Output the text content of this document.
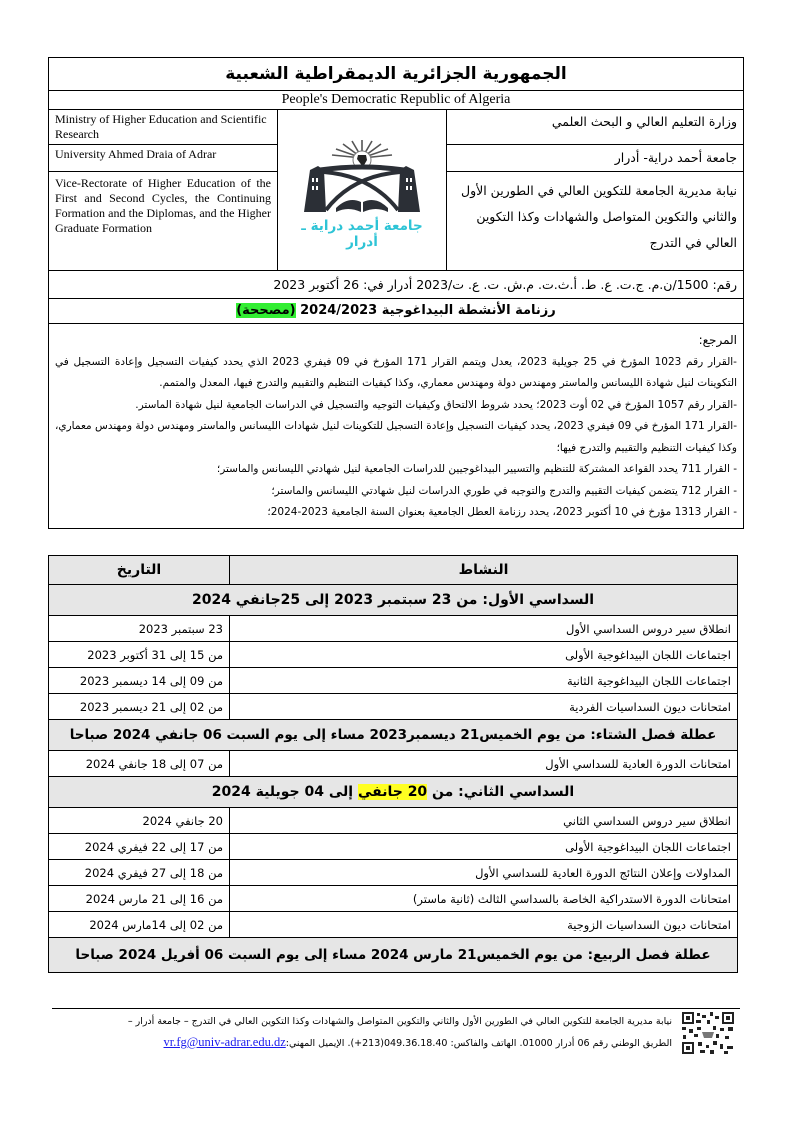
الجمهورية الجزائرية الديمقراطية الشعبية		
People's Democratic Republic of Algeria		
Ministry of Higher Education and Scientific Research	جامعة أحمد دراية ـ أدرار	وزارة التعليم العالي و البحث العلمي
University Ahmed Draia of Adrar		جامعة أحمد دراية- أدرار
Vice-Rectorate of Higher Education of the First and Second Cycles, the Continuing Formation and the Diplomas, and the Higher Graduate Formation		نيابة مديرية الجامعة للتكوين العالي في الطورين الأول والثاني والتكوين المتواصل والشهادات وكذا التكوين العالي في التدرج
رقم: 1500/ن.م. ج.ت. ع. ط. أ.ث.ت. م.ش. ت. ع. ت/2023 أدرار في: 26 أكتوبر 2023		
رزنامة الأنشطة البيداغوجية 2024/2023 (مصححة)		

المرجع:
-القرار رقم 1023 المؤرخ في 25 جويلية 2023، يعدل ويتمم القرار 171 المؤرخ في 09 فيفري 2023 الذي يحدد كيفيات التسجيل وإعادة التسجيل في التكوينات لنيل شهادة الليسانس والماستر ومهندس دولة ومهندس معماري، وكذا كيفيات التنظيم والتقييم والتدرج فيها، المعدل والمتمم.
-القرار رقم 1057 المؤرخ في 02 أوت 2023؛ يحدد شروط الالتحاق وكيفيات التوجيه والتسجيل في الدراسات الجامعية لنيل شهادة الماستر.
-القرار 171 المؤرخ في 09 فيفري 2023، يحدد كيفيات التسجيل وإعادة التسجيل للتكوينات لنيل شهادات الليسانس والماستر ومهندس دولة ومهندس معماري، وكذا كيفيات التنظيم والتقييم والتدرج فيها؛
- القرار 711 يحدد القواعد المشتركة للتنظيم والتسيير البيداغوجيين للدراسات الجامعية لنيل شهادتي الليسانس والماستر؛
- القرار 712 يتضمن كيفيات التقييم والتدرج والتوجيه في طوري الدراسات لنيل شهادتي الليسانس والماستر؛
- القرار 1313 مؤرخ في 10 أكتوبر 2023، يحدد رزنامة العطل الجامعية بعنوان السنة الجامعية 2023-2024؛
النشاط	التاريخ
السداسي الأول: من 23 سبتمبر 2023 إلى 25جانفي 2024	
انطلاق سير دروس السداسي الأول	23 سبتمبر 2023
اجتماعات اللجان البيداغوجية الأولى	من 15 إلى 31 أكتوبر 2023
اجتماعات اللجان البيداغوجية الثانية	من 09 إلى 14 ديسمبر 2023
امتحانات ديون السداسيات الفردية	من 02 إلى 21 ديسمبر 2023
عطلة فصل الشتاء: من يوم الخميس21 ديسمبر2023 مساء إلى يوم السبت 06 جانفي 2024 صباحا	
امتحانات الدورة العادية للسداسي الأول	من 07 إلى 18 جانفي 2024
السداسي الثاني: من 20 جانفي إلى 04 جويلية 2024	
انطلاق سير دروس السداسي الثاني	20 جانفي 2024
اجتماعات اللجان البيداغوجية الأولى	من 17 إلى 22 فيفري 2024
المداولات وإعلان النتائج الدورة العادية للسداسي الأول	من 18 إلى 27 فيفري 2024
امتحانات الدورة الاستدراكية الخاصة بالسداسي الثالث (ثانية ماستر)	من 16 إلى 21 مارس 2024
امتحانات ديون السداسيات الزوجية	من 02 إلى 14مارس 2024
عطلة فصل الربيع: من يوم الخميس21 مارس 2024 مساء إلى يوم السبت 06 أفريل 2024 صباحا	
نيابة مديرية الجامعة للتكوين العالي في الطورين الأول والثاني والتكوين المتواصل والشهادات وكذا التكوين العالي في التدرج – جامعة أدرار –
الطريق الوطني رقم 06 أدرار 01000. الهاتف والفاكس: 049.36.18.40(213+). الإيميل المهني:vr.fg@univ-adrar.edu.dz
